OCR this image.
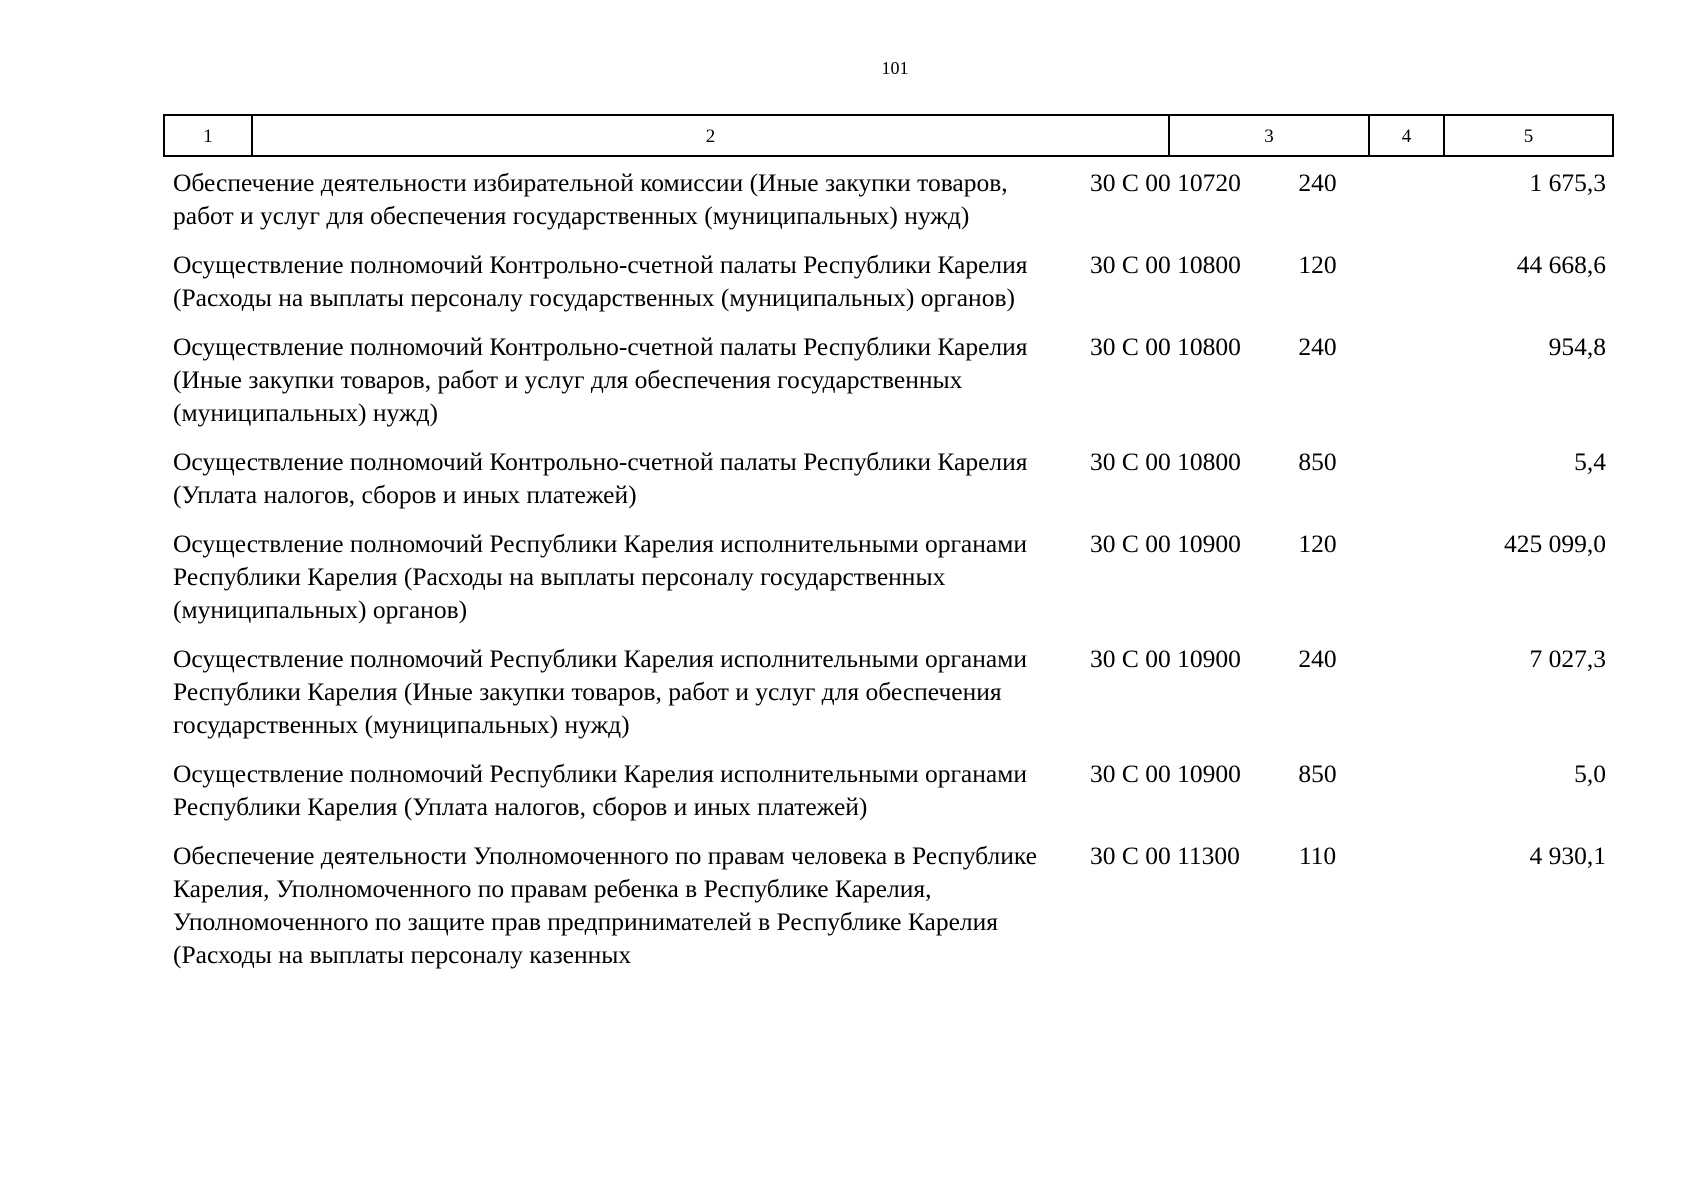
101
1	2	3	4	5
Обеспечение деятельности избирательной комиссии (Иные закупки товаров, работ и услуг для обеспечения государственных (муниципальных) нужд)
30 С 00 10720	240	1 675,3
Осуществление полномочий Контрольно-счетной палаты Республики Карелия (Расходы на выплаты персоналу государственных (муниципальных) органов)
30 С 00 10800	120	44 668,6
Осуществление полномочий Контрольно-счетной палаты Республики Карелия (Иные закупки товаров, работ и услуг для обеспечения государственных (муниципальных) нужд)
30 С 00 10800	240	954,8
Осуществление полномочий Контрольно-счетной палаты Республики Карелия (Уплата налогов, сборов и иных платежей)
30 С 00 10800	850	5,4
Осуществление полномочий Республики Карелия исполнительными органами Республики Карелия (Расходы на выплаты персоналу государственных (муниципальных) органов)
30 С 00 10900	120	425 099,0
Осуществление полномочий Республики Карелия исполнительными органами Республики Карелия (Иные закупки товаров, работ и услуг для обеспечения государственных (муниципальных) нужд)
30 С 00 10900	240	7 027,3
Осуществление полномочий Республики Карелия исполнительными органами Республики Карелия (Уплата налогов, сборов и иных платежей)
30 С 00 10900	850	5,0
Обеспечение деятельности Уполномоченного по правам человека в Республике Карелия, Уполномоченного по правам ребенка в Республике Карелия, Уполномоченного по защите прав предпринимателей в Республике Карелия (Расходы на выплаты персоналу казенных
30 С 00 11300	110	4 930,1
